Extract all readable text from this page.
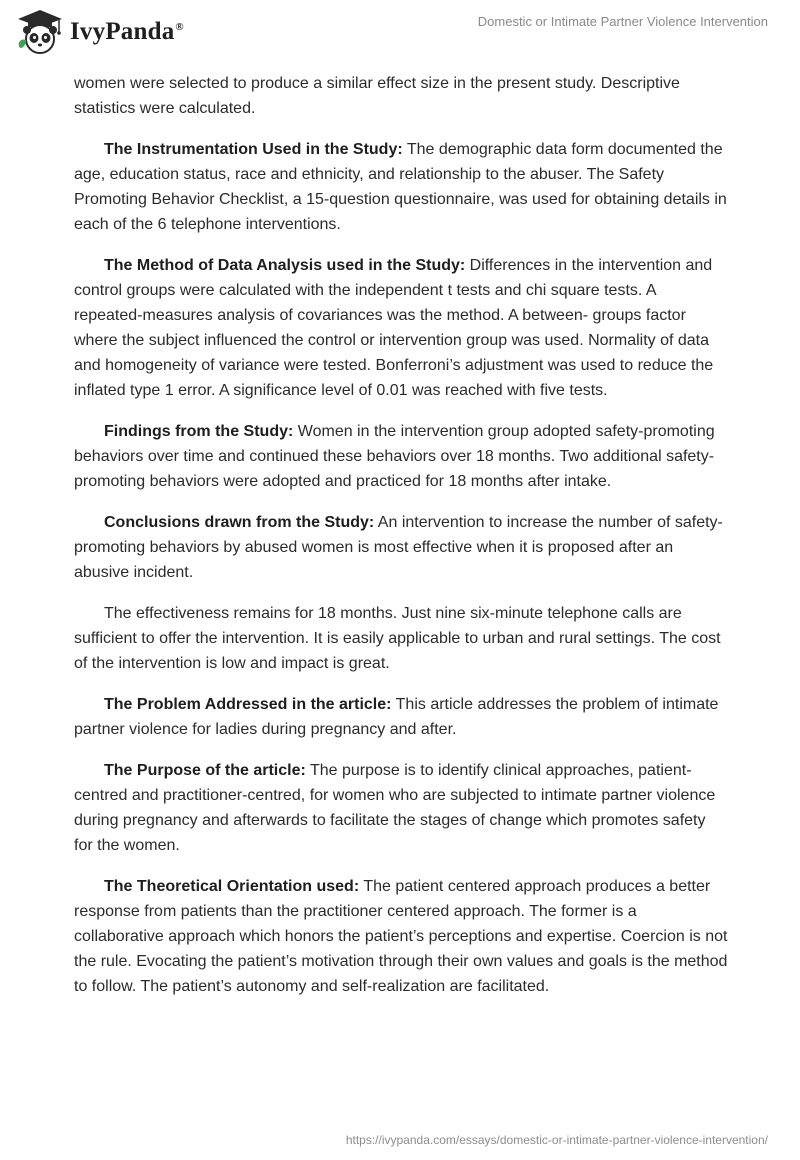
IvyPanda®	Domestic or Intimate Partner Violence Intervention

women were selected to produce a similar effect size in the present study. Descriptive statistics were calculated.

The Instrumentation Used in the Study: The demographic data form documented the age, education status, race and ethnicity, and relationship to the abuser. The Safety Promoting Behavior Checklist, a 15-question questionnaire, was used for obtaining details in each of the 6 telephone interventions.

The Method of Data Analysis used in the Study: Differences in the intervention and control groups were calculated with the independent t tests and chi square tests. A repeated-measures analysis of covariances was the method. A between- groups factor where the subject influenced the control or intervention group was used. Normality of data and homogeneity of variance were tested. Bonferroni’s adjustment was used to reduce the inflated type 1 error. A significance level of 0.01 was reached with five tests.

Findings from the Study: Women in the intervention group adopted safety-promoting behaviors over time and continued these behaviors over 18 months. Two additional safety-promoting behaviors were adopted and practiced for 18 months after intake.

Conclusions drawn from the Study: An intervention to increase the number of safety-promoting behaviors by abused women is most effective when it is proposed after an abusive incident.

The effectiveness remains for 18 months. Just nine six-minute telephone calls are sufficient to offer the intervention. It is easily applicable to urban and rural settings. The cost of the intervention is low and impact is great.

The Problem Addressed in the article: This article addresses the problem of intimate partner violence for ladies during pregnancy and after.

The Purpose of the article: The purpose is to identify clinical approaches, patient-centred and practitioner-centred, for women who are subjected to intimate partner violence during pregnancy and afterwards to facilitate the stages of change which promotes safety for the women.

The Theoretical Orientation used: The patient centered approach produces a better response from patients than the practitioner centered approach. The former is a collaborative approach which honors the patient’s perceptions and expertise. Coercion is not the rule. Evocating the patient’s motivation through their own values and goals is the method to follow. The patient’s autonomy and self-realization are facilitated.

https://ivypanda.com/essays/domestic-or-intimate-partner-violence-intervention/
